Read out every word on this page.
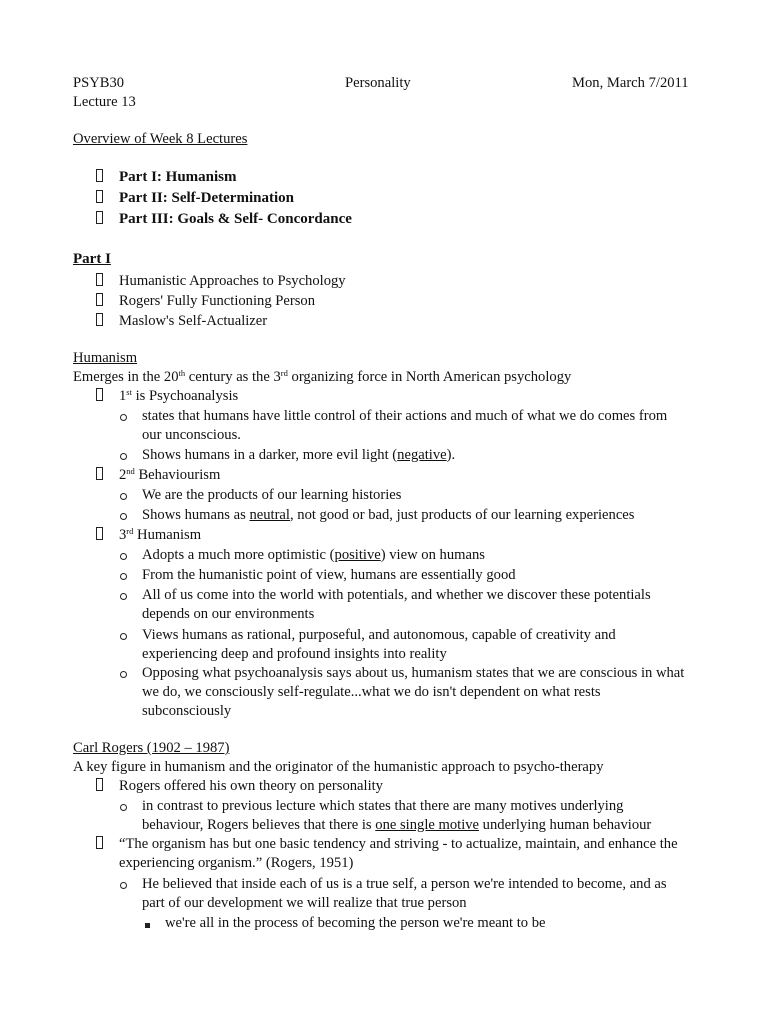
PSYB30	Personality	Mon, March 7/2011
Lecture 13
Overview of Week 8 Lectures
Part I: Humanism
Part II: Self-Determination
Part III: Goals & Self- Concordance
Part I
Humanistic Approaches to Psychology
Rogers' Fully Functioning Person
Maslow's Self-Actualizer
Humanism
Emerges in the 20th century as the 3rd organizing force in North American psychology
1st is Psychoanalysis
states that humans have little control of their actions and much of what we do comes from
our unconscious.
Shows humans in a darker, more evil light (negative).
2nd Behaviourism
We are the products of our learning histories
Shows humans as neutral, not good or bad, just products of our learning experiences
3rd Humanism
Adopts a much more optimistic (positive) view on humans
From the humanistic point of view, humans are essentially good
All of us come into the world with potentials, and whether we discover these potentials
depends on our environments
Views humans as rational, purposeful, and autonomous, capable of creativity and
experiencing deep and profound insights into reality
Opposing what psychoanalysis says about us, humanism states that we are conscious in what
we do, we consciously self-regulate...what we do isn't dependent on what rests
subconsciously
Carl Rogers (1902 – 1987)
A key figure in humanism and the originator of the humanistic approach to psycho-therapy
Rogers offered his own theory on personality
in contrast to previous lecture which states that there are many motives underlying
behaviour, Rogers believes that there is one single motive underlying human behaviour
“The organism has but one basic tendency and striving - to actualize, maintain, and enhance the
experiencing organism.” (Rogers, 1951)
He believed that inside each of us is a true self, a person we're intended to become, and as
part of our development we will realize that true person
we're all in the process of becoming the person we're meant to be
